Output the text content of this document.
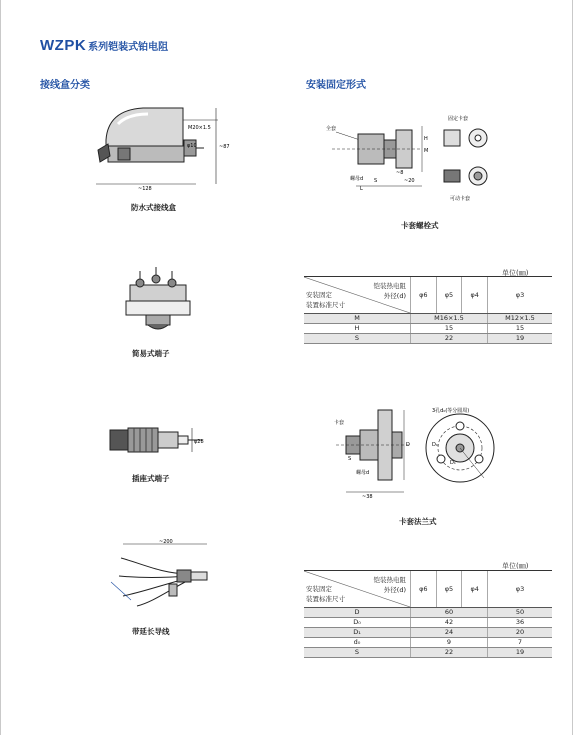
WZPK 系列铠装式铂电阻
接线盒分类	安装固定形式
M20×1.5
φ10	~87
~128
防水式接线盒
简易式端子
φ28
插座式端子
~200
带延长导线
全套
H
M
S
~8
~20
L
螺母d
固定卡套
可动卡套
卡套螺栓式
单位(㎜)
铠装热电阻
外径(d)
安装固定
装置标准尺寸	φ6	φ5	φ4	φ3
M	M16×1.5			M12×1.5
H	15			15
S	22			19
卡套
D
~38
螺母d
S
3孔d₀(等分圆周)
D₀
D₁
卡套法兰式
单位(㎜)
铠装热电阻
外径(d)
安装固定
装置标准尺寸	φ6	φ5	φ4	φ3
D	60			50
D₀	42			36
D₁	24			20
d₀	9			7
S	22			19
